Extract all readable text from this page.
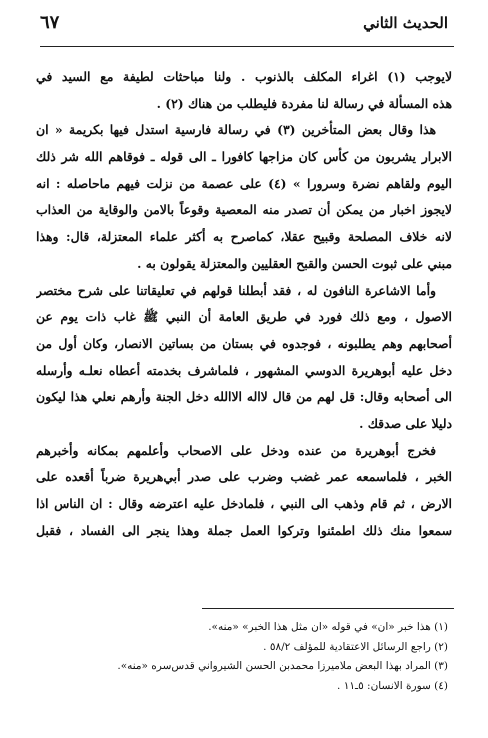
الحديث الثاني
٦٧
لايوجب (١) اغراء المكلف بالذنوب . ولنا مباحثات لطيفة مع السيد في
هذه المسألة في رسالة لنا مفردة فليطلب من هناك (٢) .
هذا وقال بعض المتأخرين (٣) في رسالة فارسية استدل فيها بكريمة « ان
الابرار يشربون من كأس كان مزاجها كافورا ـ الى قوله ـ فوقاهم الله شر ذلك
اليوم ولقاهم نضرة وسرورا » (٤) على عصمة من نزلت فيهم ماحاصله : انه
لايجوز اخبار من يمكن أن تصدر منه المعصية وقوعاً بالامن والوقاية من العذاب
لانه خلاف المصلحة وقبيح عقلا، كماصرح به أكثر علماء المعتزلة، قال: وهذا
مبني على ثبوت الحسن والقبح العقليين والمعتزلة يقولون به .
وأما الاشاعرة النافون له ، فقد أبطلنا قولهم في تعليقاتنا على شرح مختصر
الاصول ، ومع ذلك فورد في طريق العامة أن النبي ﷺ غاب ذات يوم عن
أصحابهم وهم يطلبونه ، فوجدوه في بستان من بساتين الانصار، وكان أول من
دخل عليه أبوهريرة الدوسي المشهور ، فلماشرف بخدمته أعطاه نعلـه وأرسله
الى أصحابه وقال: قل لهم من قال لااله الاالله دخل الجنة وأرهم نعلي هذا ليكون
دليلا على صدقك .
فخرج أبوهريرة من عنده ودخل على الاصحاب وأعلمهم بمكانه وأخبرهم
الخبر ، فلماسمعه عمر غضب وضرب على صدر أبي‌هريرة ضرباً أقعده على
الارض ، ثم قام وذهب الى النبي ، فلمادخل عليه اعترضه وقال : ان الناس اذا
سمعوا منك ذلك اطمئنوا وتركوا العمل جملة وهذا ينجر الى الفساد ، فقبل
(١) هذا خبر «ان» في قوله «ان مثل هذا الخبر» «منه».
(٢) راجع الرسائل الاعتقادية للمؤلف ٥٨/٢ .
(٣) المراد بهذا البعض ملاميرزا محمدبن الحسن الشيرواني قدس‌سره «منه».
(٤) سورة الانسان: ٥ـ١١ .
